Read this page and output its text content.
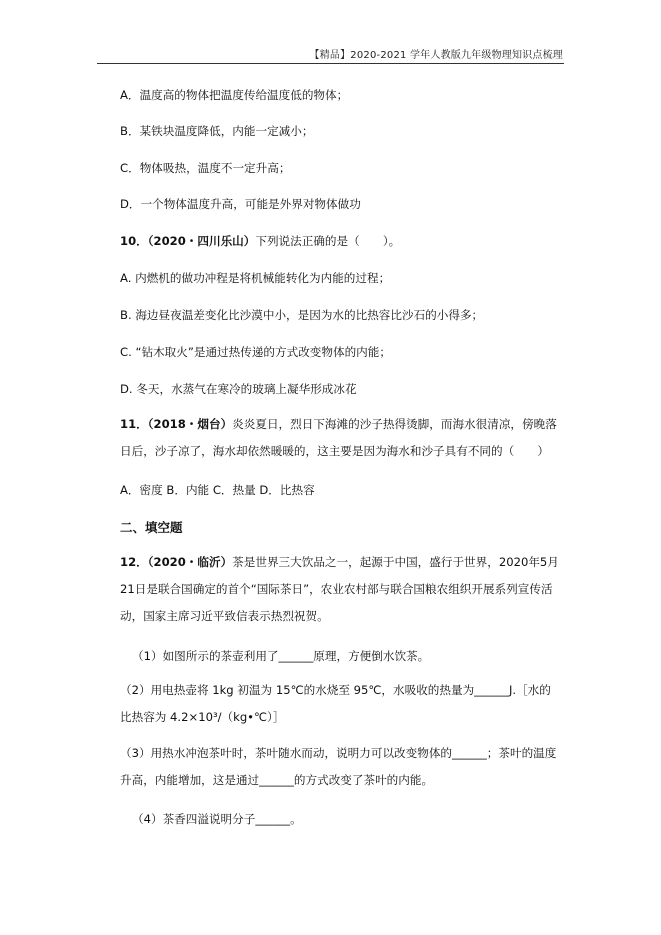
【精品】2020-2021 学年人教版九年级物理知识点梳理
A．温度高的物体把温度传给温度低的物体；
B．某铁块温度降低，内能一定减小；
C．物体吸热，温度不一定升高；
D．一个物体温度升高，可能是外界对物体做功
10．（2020・四川乐山）下列说法正确的是（　　）。
A. 内燃机的做功冲程是将机械能转化为内能的过程；
B. 海边昼夜温差变化比沙漠中小，是因为水的比热容比沙石的小得多；
C. “钻木取火”是通过热传递的方式改变物体的内能；
D. 冬天，水蒸气在寒冷的玻璃上凝华形成冰花
11．（2018・烟台）炎炎夏日，烈日下海滩的沙子热得烫脚，而海水很清凉，傍晚落日后，沙子凉了，海水却依然暖暖的，这主要是因为海水和沙子具有不同的（　　）
A．密度 B．内能 C．热量 D．比热容
二、填空题
12．（2020・临沂）茶是世界三大饮品之一，起源于中国，盛行于世界，2020年5月21日是联合国确定的首个“国际茶日”，农业农村部与联合国粮农组织开展系列宣传活动，国家主席习近平致信表示热烈祝贺。
（1）如图所示的茶壶利用了______原理，方便倒水饮茶。
（2）用电热壶将 1kg 初温为 15℃的水烧至 95℃，水吸收的热量为______J.［水的比热容为 4.2×10³/（kg•℃）］
（3）用热水冲泡茶叶时，茶叶随水而动，说明力可以改变物体的______；茶叶的温度升高，内能增加，这是通过______的方式改变了茶叶的内能。
（4）茶香四溢说明分子______。
